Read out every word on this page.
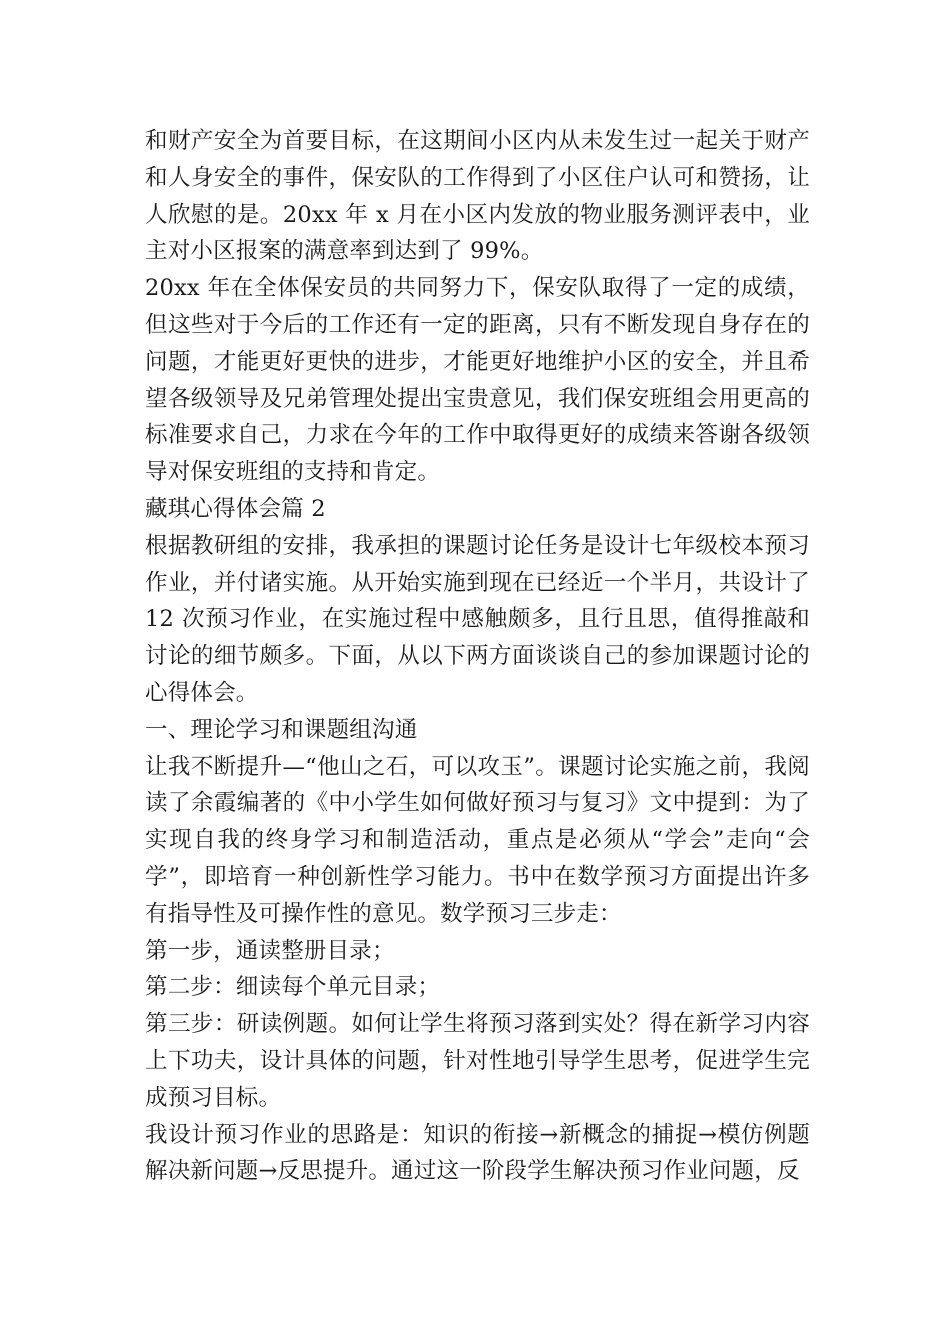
和财产安全为首要目标，在这期间小区内从未发生过一起关于财产和人身安全的事件，保安队的工作得到了小区住户认可和赞扬，让人欣慰的是。20xx 年 x 月在小区内发放的物业服务测评表中，业主对小区报案的满意率到达到了 99%。

20xx 年在全体保安员的共同努力下，保安队取得了一定的成绩，但这些对于今后的工作还有一定的距离，只有不断发现自身存在的问题，才能更好更快的进步，才能更好地维护小区的安全，并且希望各级领导及兄弟管理处提出宝贵意见，我们保安班组会用更高的标准要求自己，力求在今年的工作中取得更好的成绩来答谢各级领导对保安班组的支持和肯定。

藏琪心得体会篇 2

根据教研组的安排，我承担的课题讨论任务是设计七年级校本预习作业，并付诸实施。从开始实施到现在已经近一个半月，共设计了 12 次预习作业，在实施过程中感触颇多，且行且思，值得推敲和讨论的细节颇多。下面，从以下两方面谈谈自己的参加课题讨论的心得体会。

一、理论学习和课题组沟通

让我不断提升—“他山之石，可以攻玉”。课题讨论实施之前，我阅读了余霞编著的《中小学生如何做好预习与复习》文中提到：为了实现自我的终身学习和制造活动，重点是必须从“学会”走向“会学”，即培育一种创新性学习能力。书中在数学预习方面提出许多有指导性及可操作性的意见。数学预习三步走：

第一步，通读整册目录；

第二步：细读每个单元目录；

第三步：研读例题。如何让学生将预习落到实处？得在新学习内容上下功夫，设计具体的问题，针对性地引导学生思考，促进学生完成预习目标。

我设计预习作业的思路是：知识的衔接→新概念的捕捉→模仿例题解决新问题→反思提升。通过这一阶段学生解决预习作业问题，反
